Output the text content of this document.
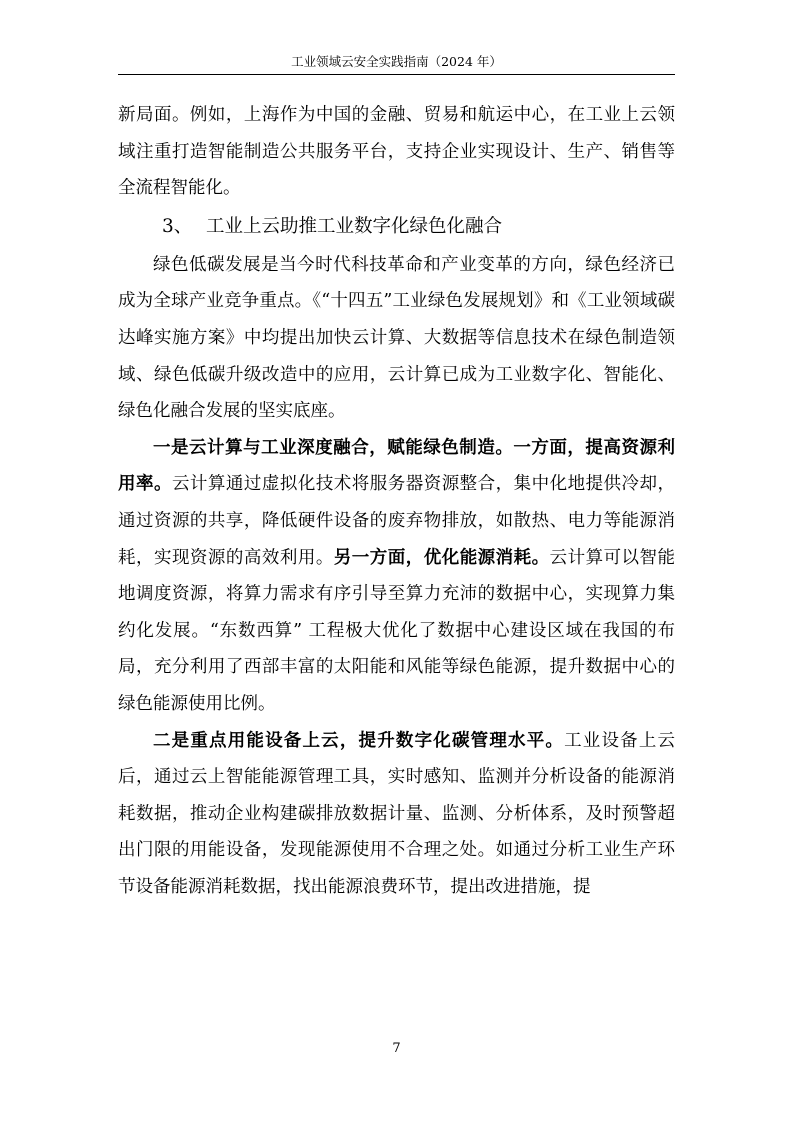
工业领域云安全实践指南（2024 年）

新局面。例如，上海作为中国的金融、贸易和航运中心，在工业上云领域注重打造智能制造公共服务平台，支持企业实现设计、生产、销售等全流程智能化。

3、 工业上云助推工业数字化绿色化融合

绿色低碳发展是当今时代科技革命和产业变革的方向，绿色经济已成为全球产业竞争重点。《“十四五”工业绿色发展规划》和《工业领域碳达峰实施方案》中均提出加快云计算、大数据等信息技术在绿色制造领域、绿色低碳升级改造中的应用，云计算已成为工业数字化、智能化、绿色化融合发展的坚实底座。

一是云计算与工业深度融合，赋能绿色制造。一方面，提高资源利用率。云计算通过虚拟化技术将服务器资源整合，集中化地提供冷却，通过资源的共享，降低硬件设备的废弃物排放，如散热、电力等能源消耗，实现资源的高效利用。另一方面，优化能源消耗。云计算可以智能地调度资源，将算力需求有序引导至算力充沛的数据中心，实现算力集约化发展。“东数西算” 工程极大优化了数据中心建设区域在我国的布局，充分利用了西部丰富的太阳能和风能等绿色能源，提升数据中心的绿色能源使用比例。

二是重点用能设备上云，提升数字化碳管理水平。工业设备上云后，通过云上智能能源管理工具，实时感知、监测并分析设备的能源消耗数据，推动企业构建碳排放数据计量、监测、分析体系，及时预警超出门限的用能设备，发现能源使用不合理之处。如通过分析工业生产环节设备能源消耗数据，找出能源浪费环节，提出改进措施，提

7
